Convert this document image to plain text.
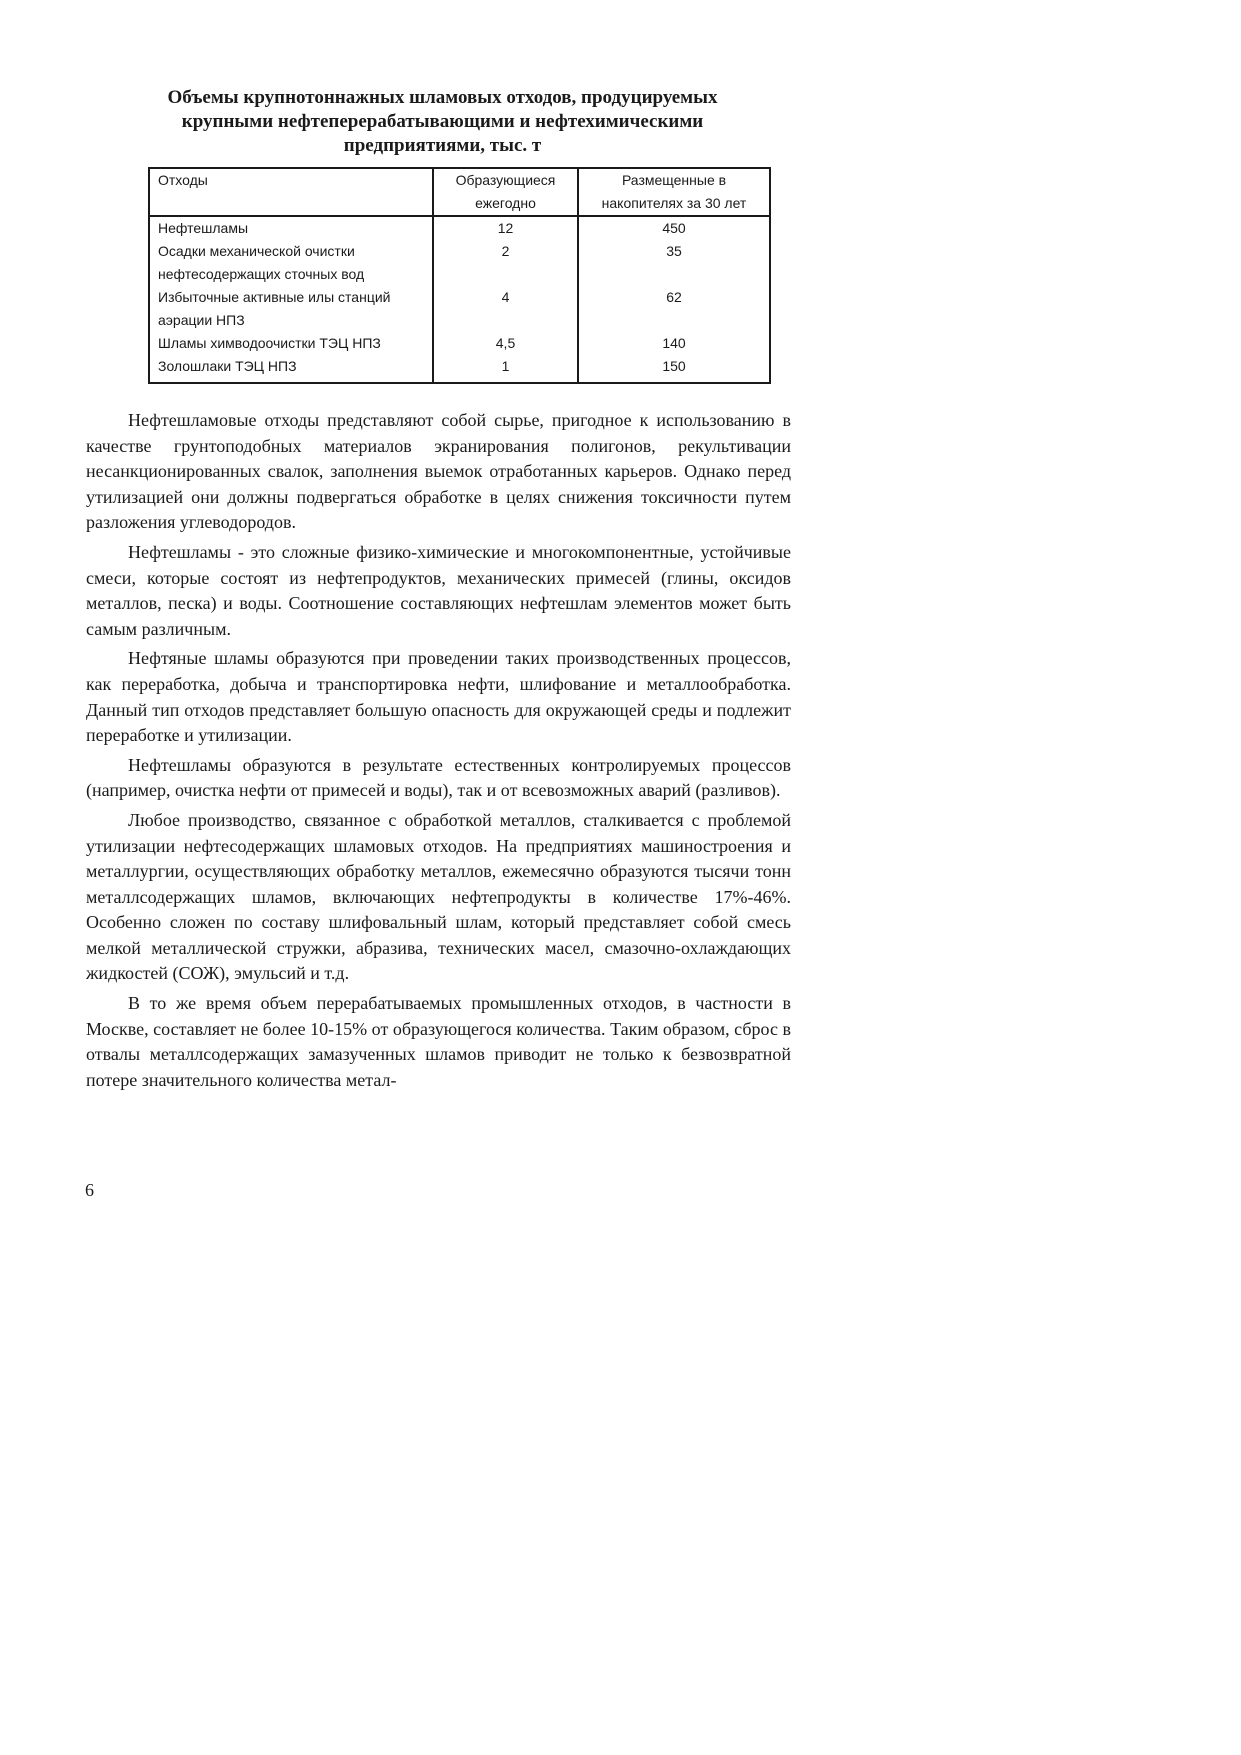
Объемы крупнотоннажных шламовых отходов, продуцируемых
крупными нефтеперерабатывающими и нефтехимическими
предприятиями, тыс. т
Отходы	Образующиеся ежегодно	Размещенные в накопителях за 30 лет
Нефтешламы	12	450
Осадки механической очистки нефтесодержащих сточных вод	2	35
Избыточные активные илы станций аэрации НПЗ	4	62
Шламы химводоочистки ТЭЦ НПЗ	4,5	140
Золошлаки ТЭЦ НПЗ	1	150

Нефтешламовые отходы представляют собой сырье, пригодное к использованию в качестве грунтоподобных материалов экранирования полигонов, рекультивации несанкционированных свалок, заполнения выемок отработанных карьеров. Однако перед утилизацией они должны подвергаться обработке в целях снижения токсичности путем разложения углеводородов.

Нефтешламы - это сложные физико-химические и многокомпонентные, устойчивые смеси, которые состоят из нефтепродуктов, механических примесей (глины, оксидов металлов, песка) и воды. Соотношение составляющих нефтешлам элементов может быть самым различным.

Нефтяные шламы образуются при проведении таких производственных процессов, как переработка, добыча и транспортировка нефти, шлифование и металлообработка. Данный тип отходов представляет большую опасность для окружающей среды и подлежит переработке и утилизации.

Нефтешламы образуются в результате естественных контролируемых процессов (например, очистка нефти от примесей и воды), так и от всевозможных аварий (разливов).

Любое производство, связанное с обработкой металлов, сталкивается с проблемой утилизации нефтесодержащих шламовых отходов. На предприятиях машиностроения и металлургии, осуществляющих обработку металлов, ежемесячно образуются тысячи тонн металлсодержащих шламов, включающих нефтепродукты в количестве 17%-46%. Особенно сложен по составу шлифовальный шлам, который представляет собой смесь мелкой металлической стружки, абразива, технических масел, смазочно-охлаждающих жидкостей (СОЖ), эмульсий и т.д.

В то же время объем перерабатываемых промышленных отходов, в частности в Москве, составляет не более 10-15% от образующегося количества. Таким образом, сброс в отвалы металлсодержащих замазученных шламов приводит не только к безвозвратной потере значительного количества метал-

6
